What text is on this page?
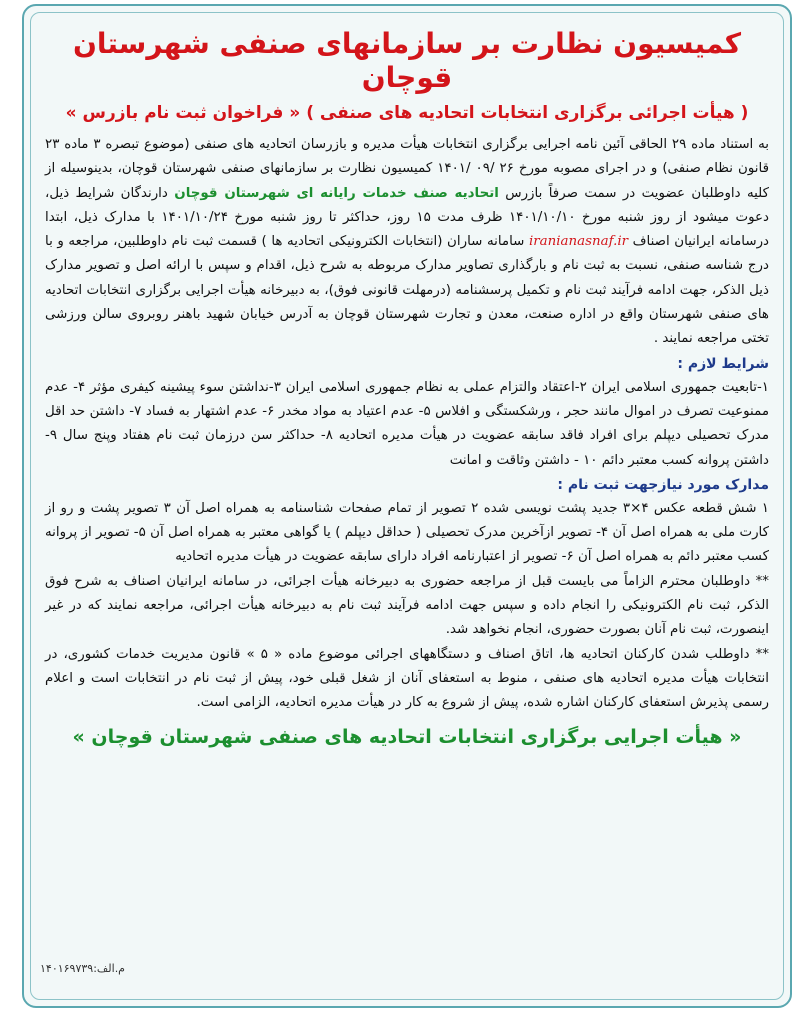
کمیسیون نظارت بر سازمانهای صنفی شهرستان قوچان
( هیأت اجرائی برگزاری انتخابات اتحادیه های صنفی ) « فراخوان ثبت نام بازرس »

به استناد ماده ۲۹ الحاقی آئین نامه اجرایی برگزاری انتخابات هیأت مدیره و بازرسان اتحادیه های صنفی (موضوع تبصره ۳ ماده ۲۳ قانون نظام صنفی) و در اجرای مصوبه مورخ ۲۶ /۰۹ /۱۴۰۱ کمیسیون نظارت بر سازمانهای صنفی شهرستان قوچان، بدینوسیله از کلیه داوطلبان عضویت در سمت صرفاً بازرس اتحادیه صنف خدمات رایانه ای شهرستان قوچان دارندگان شرایط ذیل، دعوت میشود از روز شنبه مورخ ۱۴۰۱/۱۰/۱۰ ظرف مدت ۱۵ روز، حداکثر تا روز شنبه مورخ ۱۴۰۱/۱۰/۲۴ با مدارک ذیل، ابتدا درسامانه ایرانیان اصناف iranianasnaf.ir سامانه ساران (انتخابات الکترونیکی اتحادیه ها ) قسمت ثبت نام داوطلبین، مراجعه و با درج شناسه صنفی، نسبت به ثبت نام و بارگذاری تصاویر مدارک مربوطه به شرح ذیل، اقدام و سپس با ارائه اصل و تصویر مدارک ذیل الذکر، جهت ادامه فرآیند ثبت نام و تکمیل پرسشنامه (درمهلت قانونی فوق)، به دبیرخانه هیأت اجرایی برگزاری انتخابات اتحادیه های صنفی شهرستان واقع در اداره صنعت، معدن و تجارت شهرستان قوچان به آدرس خیابان شهید باهنر روبروی سالن ورزشی تختی مراجعه نمایند .

شرایط لازم :

۱-تابعیت جمهوری اسلامی ایران ۲-اعتقاد والتزام عملی به نظام جمهوری اسلامی ایران ۳-نداشتن سوء پیشینه کیفری مؤثر ۴- عدم ممنوعیت تصرف در اموال مانند حجر ، ورشکستگی و افلاس ۵- عدم اعتیاد به مواد مخدر ۶- عدم اشتهار به فساد ۷- داشتن حد اقل مدرک تحصیلی دیپلم برای افراد فاقد سابقه عضویت در هیأت مدیره اتحادیه ۸- حداکثر سن درزمان ثبت نام هفتاد وپنج سال ۹- داشتن پروانه کسب معتبر دائم ۱۰ - داشتن وثاقت و امانت

مدارک مورد نیازجهت ثبت نام :

۱ شش قطعه عکس ۴×۳ جدید پشت نویسی شده ۲ تصویر از تمام صفحات شناسنامه به همراه اصل آن ۳ تصویر پشت و رو از کارت ملی به همراه اصل آن ۴- تصویر ازآخرین مدرک تحصیلی ( حداقل دیپلم ) یا گواهی معتبر به همراه اصل آن ۵- تصویر از پروانه کسب معتبر دائم به همراه اصل آن ۶- تصویر از اعتبارنامه افراد دارای سابقه عضویت در هیأت مدیره اتحادیه

** داوطلبان محترم الزاماً می بایست قبل از مراجعه حضوری به دبیرخانه هیأت اجرائی، در سامانه ایرانیان اصناف به شرح فوق الذکر، ثبت نام الکترونیکی را انجام داده و سپس جهت ادامه فرآیند ثبت نام به دبیرخانه هیأت اجرائی، مراجعه نمایند که در غیر اینصورت، ثبت نام آنان بصورت حضوری، انجام نخواهد شد.

** داوطلب شدن کارکنان اتحادیه ها، اتاق اصناف و دستگاههای اجرائی موضوع ماده « ۵ » قانون مدیریت خدمات کشوری، در انتخابات هیأت مدیره اتحادیه های صنفی ، منوط به استعفای آنان از شغل قبلی خود، پیش از ثبت نام در انتخابات است و اعلام رسمی پذیرش استعفای کارکنان اشاره شده، پیش از شروع به کار در هیأت مدیره اتحادیه، الزامی است.

« هیأت اجرایی برگزاری انتخابات اتحادیه های صنفی شهرستان قوچان »
م.الف:۱۴۰۱۶۹۷۳۹
